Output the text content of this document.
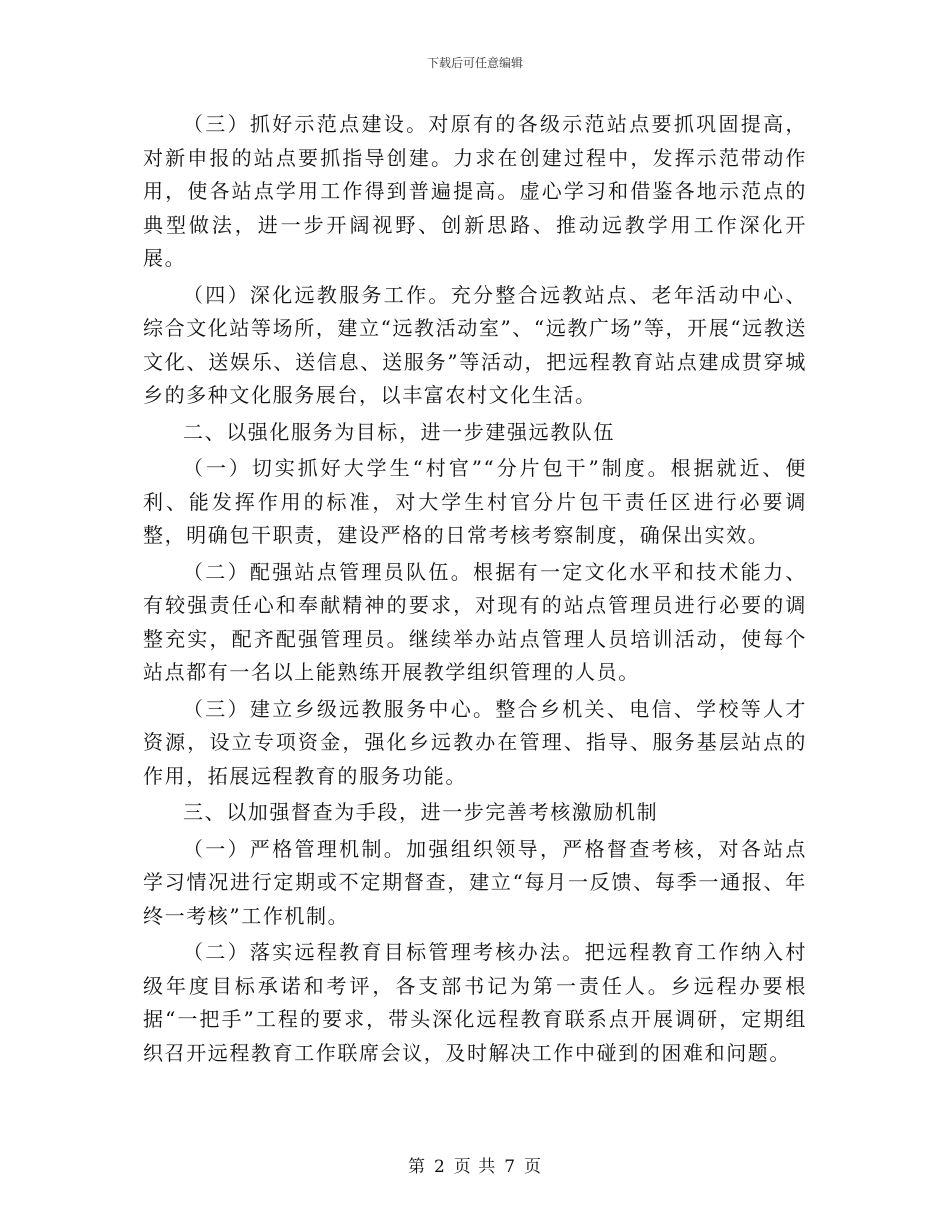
下载后可任意编辑

（三）抓好示范点建设。对原有的各级示范站点要抓巩固提高，对新申报的站点要抓指导创建。力求在创建过程中，发挥示范带动作用，使各站点学用工作得到普遍提高。虚心学习和借鉴各地示范点的典型做法，进一步开阔视野、创新思路、推动远教学用工作深化开展。

（四）深化远教服务工作。充分整合远教站点、老年活动中心、综合文化站等场所，建立“远教活动室”、“远教广场”等，开展“远教送文化、送娱乐、送信息、送服务”等活动，把远程教育站点建成贯穿城乡的多种文化服务展台，以丰富农村文化生活。

二、以强化服务为目标，进一步建强远教队伍

（一）切实抓好大学生“村官”“分片包干”制度。根据就近、便利、能发挥作用的标准，对大学生村官分片包干责任区进行必要调整，明确包干职责，建设严格的日常考核考察制度，确保出实效。

（二）配强站点管理员队伍。根据有一定文化水平和技术能力、有较强责任心和奉献精神的要求，对现有的站点管理员进行必要的调整充实，配齐配强管理员。继续举办站点管理人员培训活动，使每个站点都有一名以上能熟练开展教学组织管理的人员。

（三）建立乡级远教服务中心。整合乡机关、电信、学校等人才资源，设立专项资金，强化乡远教办在管理、指导、服务基层站点的作用，拓展远程教育的服务功能。

三、以加强督查为手段，进一步完善考核激励机制

（一）严格管理机制。加强组织领导，严格督查考核，对各站点学习情况进行定期或不定期督查，建立“每月一反馈、每季一通报、年终一考核”工作机制。

（二）落实远程教育目标管理考核办法。把远程教育工作纳入村级年度目标承诺和考评，各支部书记为第一责任人。乡远程办要根据“一把手”工程的要求，带头深化远程教育联系点开展调研，定期组织召开远程教育工作联席会议，及时解决工作中碰到的困难和问题。

第 2 页 共 7 页
